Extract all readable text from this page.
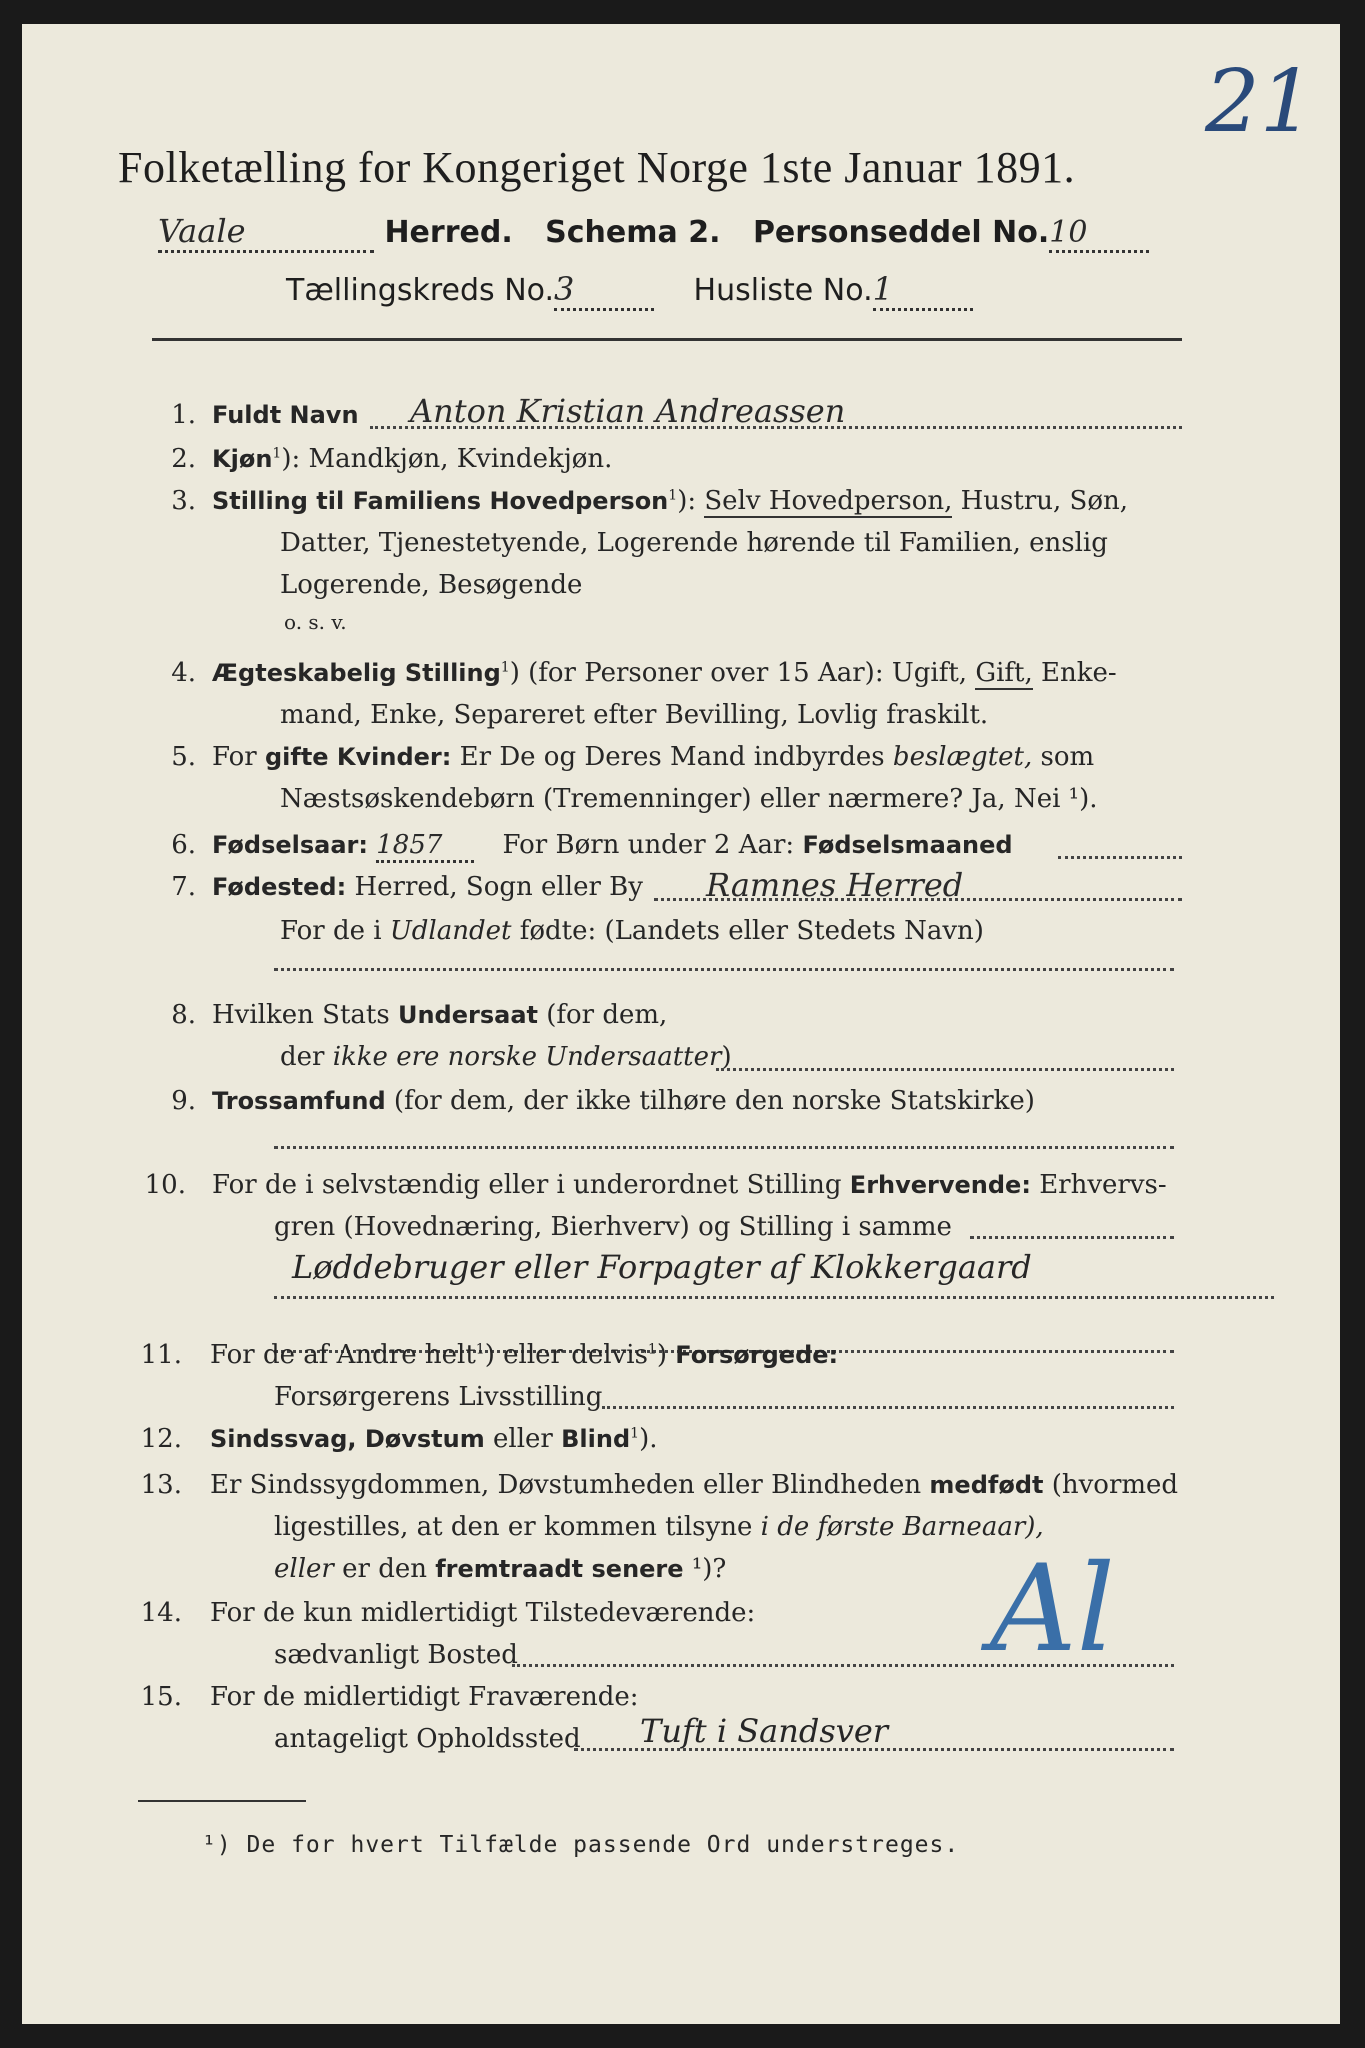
21
Folketælling for Kongeriget Norge 1ste Januar 1891.
Vaale	Herred. Schema 2. Personseddel No.10
Tællingskreds No.3	Husliste No.1
1. Fuldt Navn Anton Kristian Andreassen
2. Kjøn$^1$): Mandkjøn, Kvindekjøn.
3. Stilling til Familiens Hovedperson$^1$): Selv Hovedperson, Hustru, Søn,
Datter, Tjenestetyende, Logerende hørende til Familien, enslig
Logerende, Besøgende
o. s. v.
4. Ægteskabelig Stilling$^1$) (for Personer over 15 Aar): Ugift, Gift, Enke-
mand, Enke, Separeret efter Bevilling, Lovlig fraskilt.
5. For gifte Kvinder: Er De og Deres Mand indbyrdes beslægtet, som
Næstsøskendebørn (Tremenninger) eller nærmere? Ja, Nei ¹).
6. Fødselsaar: 1857 For Børn under 2 Aar: Fødselsmaaned
7. Fødested: Herred, Sogn eller By Ramnes Herred
For de i Udlandet fødte: (Landets eller Stedets Navn)
8. Hvilken Stats Undersaat (for dem,
der ikke ere norske Undersaatter)
9. Trossamfund (for dem, der ikke tilhøre den norske Statskirke)
10. For de i selvstændig eller i underordnet Stilling Erhvervende: Erhvervs-
gren (Hovednæring, Bierhverv) og Stilling i samme
Løddebruger eller Forpagter af Klokkergaard
11. For de af Andre helt$^1$) eller delvis$^1$) Forsørgede:
Forsørgerens Livsstilling
12. Sindssvag, Døvstum eller Blind$^1$).
13. Er Sindssygdommen, Døvstumheden eller Blindheden medfødt (hvormed
ligestilles, at den er kommen tilsyne i de første Barneaar),
eller er den fremtraadt senere ¹)?
14. For de kun midlertidigt Tilstedeværende:
sædvanligt Bosted	Al
15. For de midlertidigt Fraværende:
antageligt Opholdssted Tuft i Sandsver
¹) De for hvert Tilfælde passende Ord understreges.
